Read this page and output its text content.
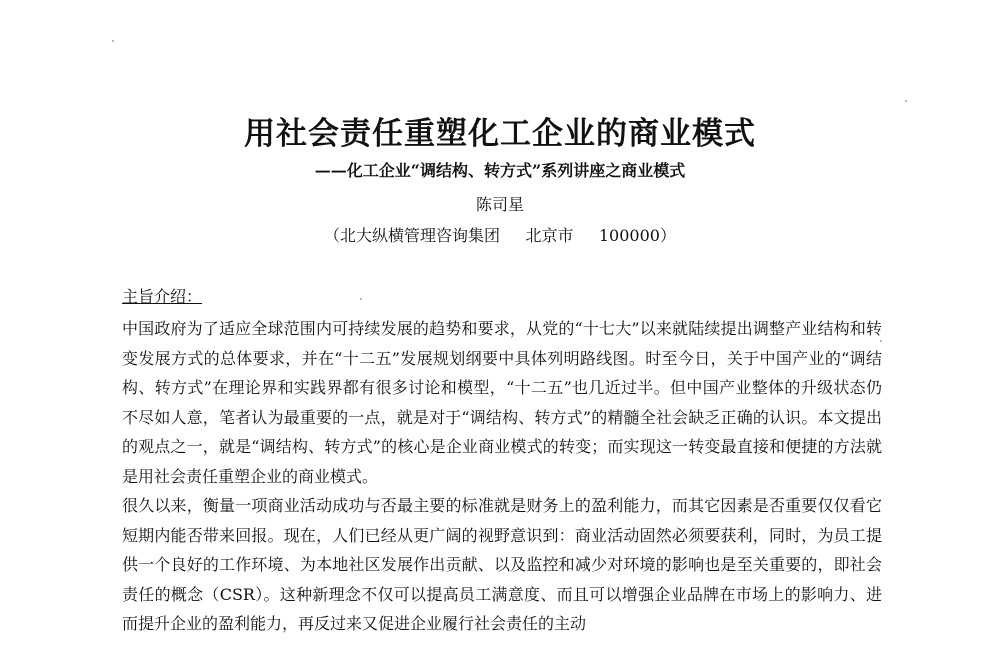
用社会责任重塑化工企业的商业模式
——化工企业“调结构、转方式”系列讲座之商业模式
陈司星
（北大纵横管理咨询集团     北京市     100000）
主旨介绍：

中国政府为了适应全球范围内可持续发展的趋势和要求，从党的“十七大”以来就陆续提出调整产业结构和转变发展方式的总体要求，并在“十二五”发展规划纲要中具体列明路线图。时至今日，关于中国产业的“调结构、转方式”在理论界和实践界都有很多讨论和模型，“十二五”也几近过半。但中国产业整体的升级状态仍不尽如人意，笔者认为最重要的一点，就是对于“调结构、转方式”的精髓全社会缺乏正确的认识。本文提出的观点之一，就是“调结构、转方式”的核心是企业商业模式的转变；而实现这一转变最直接和便捷的方法就是用社会责任重塑企业的商业模式。

很久以来，衡量一项商业活动成功与否最主要的标准就是财务上的盈利能力，而其它因素是否重要仅仅看它短期内能否带来回报。现在，人们已经从更广阔的视野意识到：商业活动固然必须要获利，同时，为员工提供一个良好的工作环境、为本地社区发展作出贡献、以及监控和减少对环境的影响也是至关重要的，即社会责任的概念（CSR）。这种新理念不仅可以提高员工满意度、而且可以增强企业品牌在市场上的影响力、进而提升企业的盈利能力，再反过来又促进企业履行社会责任的主动
